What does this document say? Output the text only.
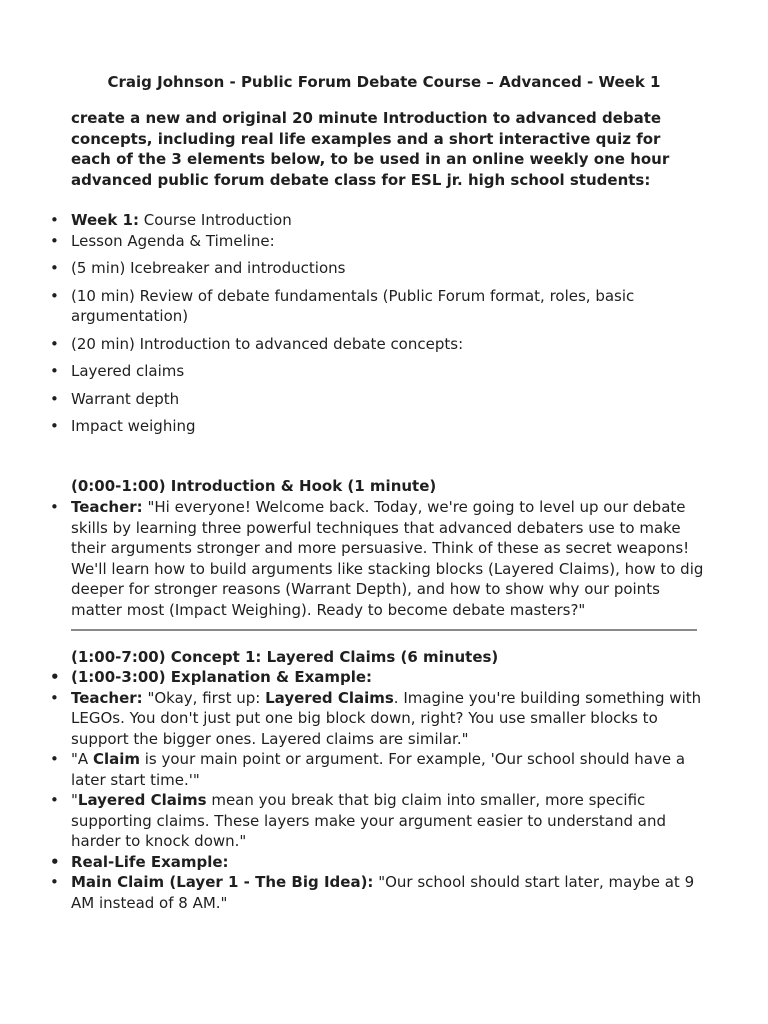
Craig Johnson - Public Forum Debate Course – Advanced - Week 1

create a new and original 20 minute Introduction to advanced debate concepts, including real life examples and a short interactive quiz for each of the 3 elements below, to be used in an online weekly one hour advanced public forum debate class for ESL jr. high school students:

• Week 1: Course Introduction
• Lesson Agenda & Timeline:
• (5 min) Icebreaker and introductions
• (10 min) Review of debate fundamentals (Public Forum format, roles, basic argumentation)
• (20 min) Introduction to advanced debate concepts:
• Layered claims
• Warrant depth
• Impact weighing
(0:00-1:00) Introduction & Hook (1 minute)
• Teacher: "Hi everyone! Welcome back. Today, we're going to level up our debate skills by learning three powerful techniques that advanced debaters use to make their arguments stronger and more persuasive. Think of these as secret weapons! We'll learn how to build arguments like stacking blocks (Layered Claims), how to dig deeper for stronger reasons (Warrant Depth), and how to show why our points matter most (Impact Weighing). Ready to become debate masters?"
(1:00-7:00) Concept 1: Layered Claims (6 minutes)
• (1:00-3:00) Explanation & Example:
• Teacher: "Okay, first up: Layered Claims. Imagine you're building something with LEGOs. You don't just put one big block down, right? You use smaller blocks to support the bigger ones. Layered claims are similar."
• "A Claim is your main point or argument. For example, 'Our school should have a later start time.'"
• "Layered Claims mean you break that big claim into smaller, more specific supporting claims. These layers make your argument easier to understand and harder to knock down."
• Real-Life Example:
• Main Claim (Layer 1 - The Big Idea): "Our school should start later, maybe at 9 AM instead of 8 AM."
